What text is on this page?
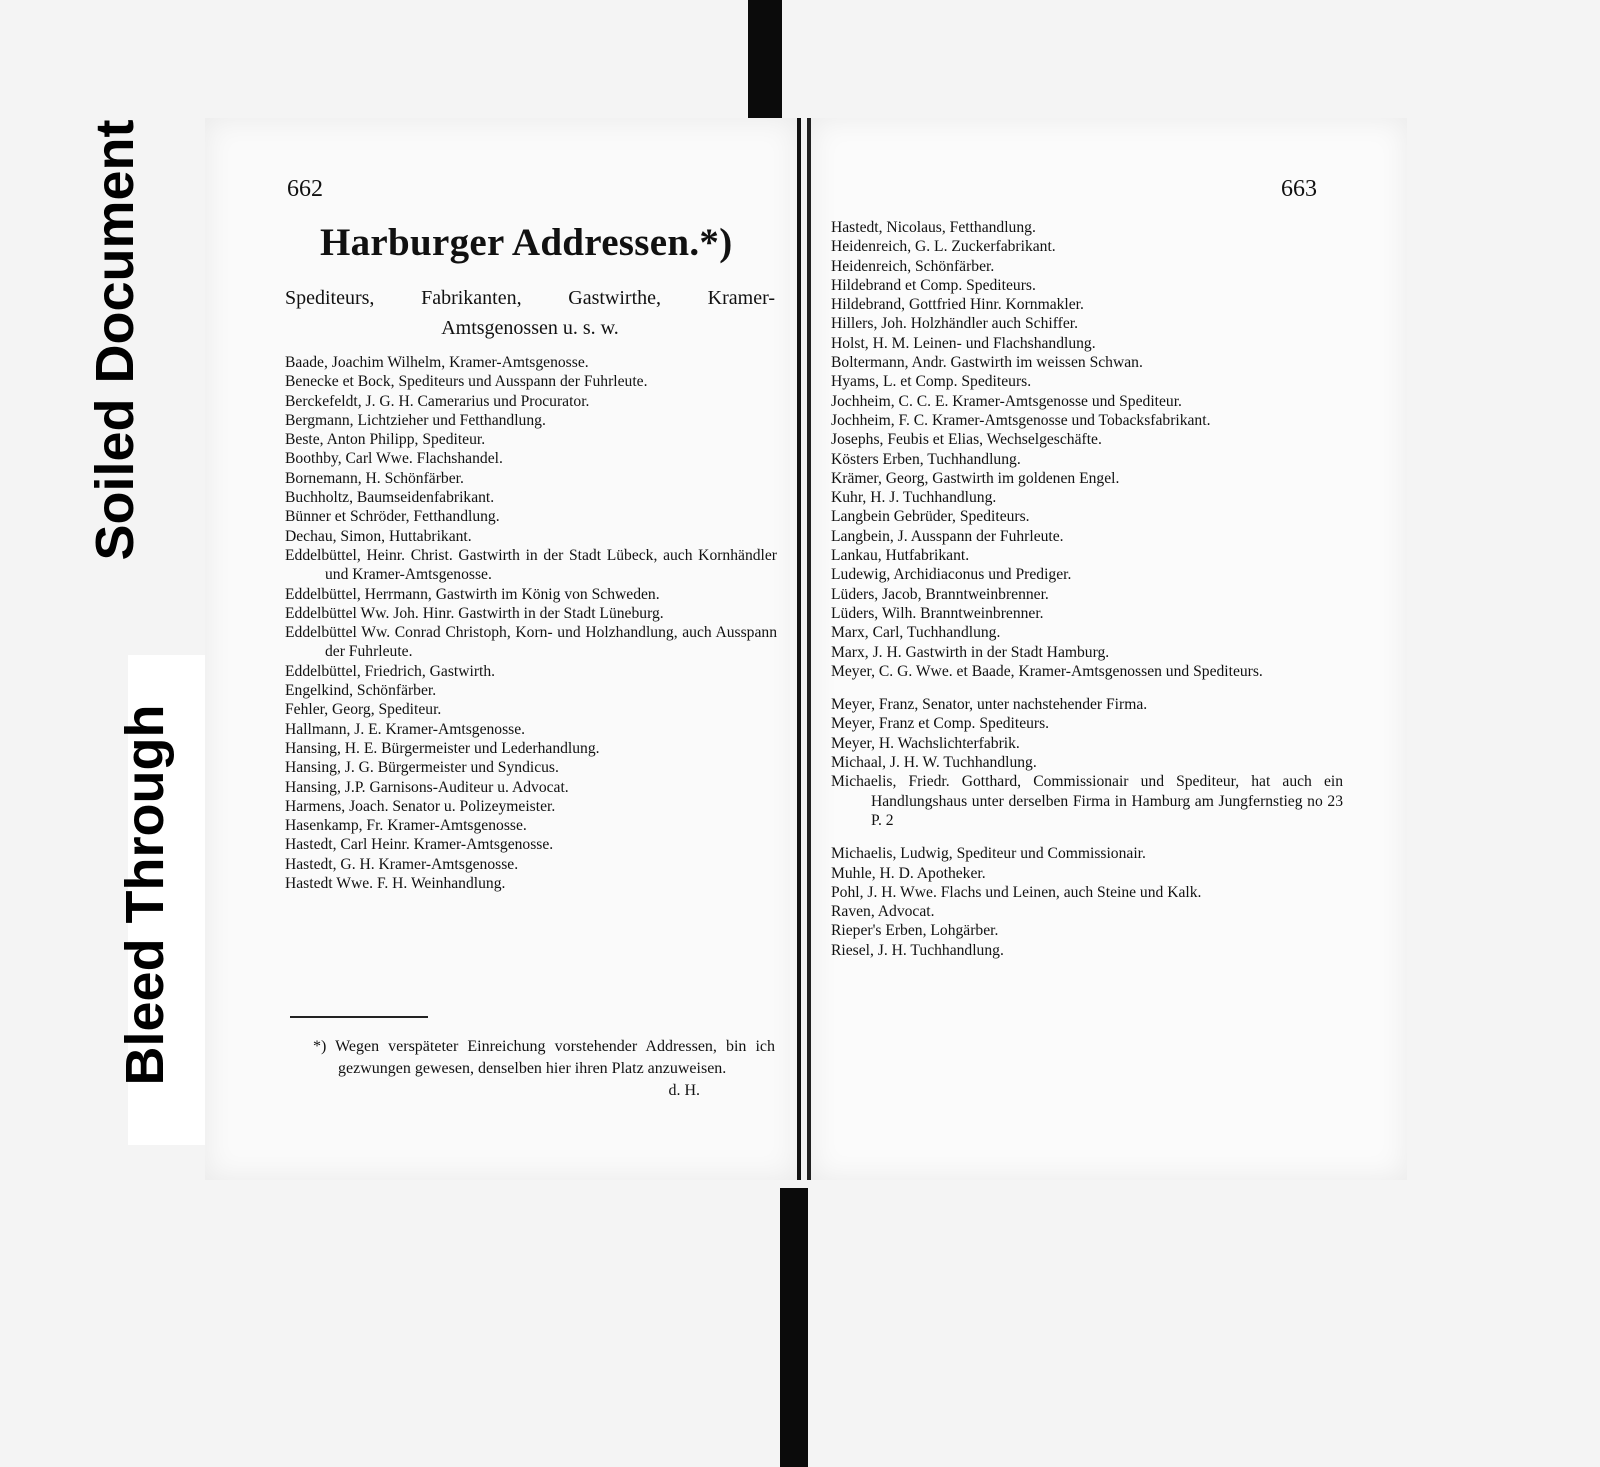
Soiled Document
Bleed Through
662
Harburger Addressen.*)
Spediteurs, Fabrikanten, Gastwirthe, Kramer-
Amtsgenossen u. s. w.

Baade, Joachim Wilhelm, Kramer-Amtsgenosse.

Benecke et Bock, Spediteurs und Ausspann der Fuhrleute.

Berckefeldt, J. G. H. Camerarius und Procurator.

Bergmann, Lichtzieher und Fetthandlung.

Beste, Anton Philipp, Spediteur.

Boothby, Carl Wwe. Flachshandel.

Bornemann, H. Schönfärber.

Buchholtz, Baumseidenfabrikant.

Bünner et Schröder, Fetthandlung.

Dechau, Simon, Huttabrikant.

Eddelbüttel, Heinr. Christ. Gastwirth in der Stadt Lübeck, auch Kornhändler und Kramer-Amtsgenosse.

Eddelbüttel, Herrmann, Gastwirth im König von Schweden.

Eddelbüttel Ww. Joh. Hinr. Gastwirth in der Stadt Lüneburg.

Eddelbüttel Ww. Conrad Christoph, Korn- und Holzhandlung, auch Ausspann der Fuhrleute.

Eddelbüttel, Friedrich, Gastwirth.

Engelkind, Schönfärber.

Fehler, Georg, Spediteur.

Hallmann, J. E. Kramer-Amtsgenosse.

Hansing, H. E. Bürgermeister und Lederhandlung.

Hansing, J. G. Bürgermeister und Syndicus.

Hansing, J.P. Garnisons-Auditeur u. Advocat.

Harmens, Joach. Senator u. Polizeymeister.

Hasenkamp, Fr. Kramer-Amtsgenosse.

Hastedt, Carl Heinr. Kramer-Amtsgenosse.

Hastedt, G. H. Kramer-Amtsgenosse.

Hastedt Wwe. F. H. Weinhandlung.

*) Wegen verspäteter Einreichung vorstehender Addressen, bin ich gezwungen gewesen, denselben hier ihren Platz anzuweisen.
d. H.
663

Hastedt, Nicolaus, Fetthandlung.

Heidenreich, G. L. Zuckerfabrikant.

Heidenreich, Schönfärber.

Hildebrand et Comp. Spediteurs.

Hildebrand, Gottfried Hinr. Kornmakler.

Hillers, Joh. Holzhändler auch Schiffer.

Holst, H. M. Leinen- und Flachshandlung.

Boltermann, Andr. Gastwirth im weissen Schwan.

Hyams, L. et Comp. Spediteurs.

Jochheim, C. C. E. Kramer-Amtsgenosse und Spediteur.

Jochheim, F. C. Kramer-Amtsgenosse und Tobacksfabrikant.

Josephs, Feubis et Elias, Wechselgeschäfte.

Kösters Erben, Tuchhandlung.

Krämer, Georg, Gastwirth im goldenen Engel.

Kuhr, H. J. Tuchhandlung.

Langbein Gebrüder, Spediteurs.

Langbein, J. Ausspann der Fuhrleute.

Lankau, Hutfabrikant.

Ludewig, Archidiaconus und Prediger.

Lüders, Jacob, Branntweinbrenner.

Lüders, Wilh. Branntweinbrenner.

Marx, Carl, Tuchhandlung.

Marx, J. H. Gastwirth in der Stadt Hamburg.

Meyer, C. G. Wwe. et Baade, Kramer-Amtsgenossen und Spediteurs.

Meyer, Franz, Senator, unter nachstehender Firma.

Meyer, Franz et Comp. Spediteurs.

Meyer, H. Wachslichterfabrik.

Michaal, J. H. W. Tuchhandlung.

Michaelis, Friedr. Gotthard, Commissionair und Spediteur, hat auch ein Handlungshaus unter derselben Firma in Hamburg am Jungfernstieg no 23 P. 2

Michaelis, Ludwig, Spediteur und Commissionair.

Muhle, H. D. Apotheker.

Pohl, J. H. Wwe. Flachs und Leinen, auch Steine und Kalk.

Raven, Advocat.

Rieper's Erben, Lohgärber.

Riesel, J. H. Tuchhandlung.
